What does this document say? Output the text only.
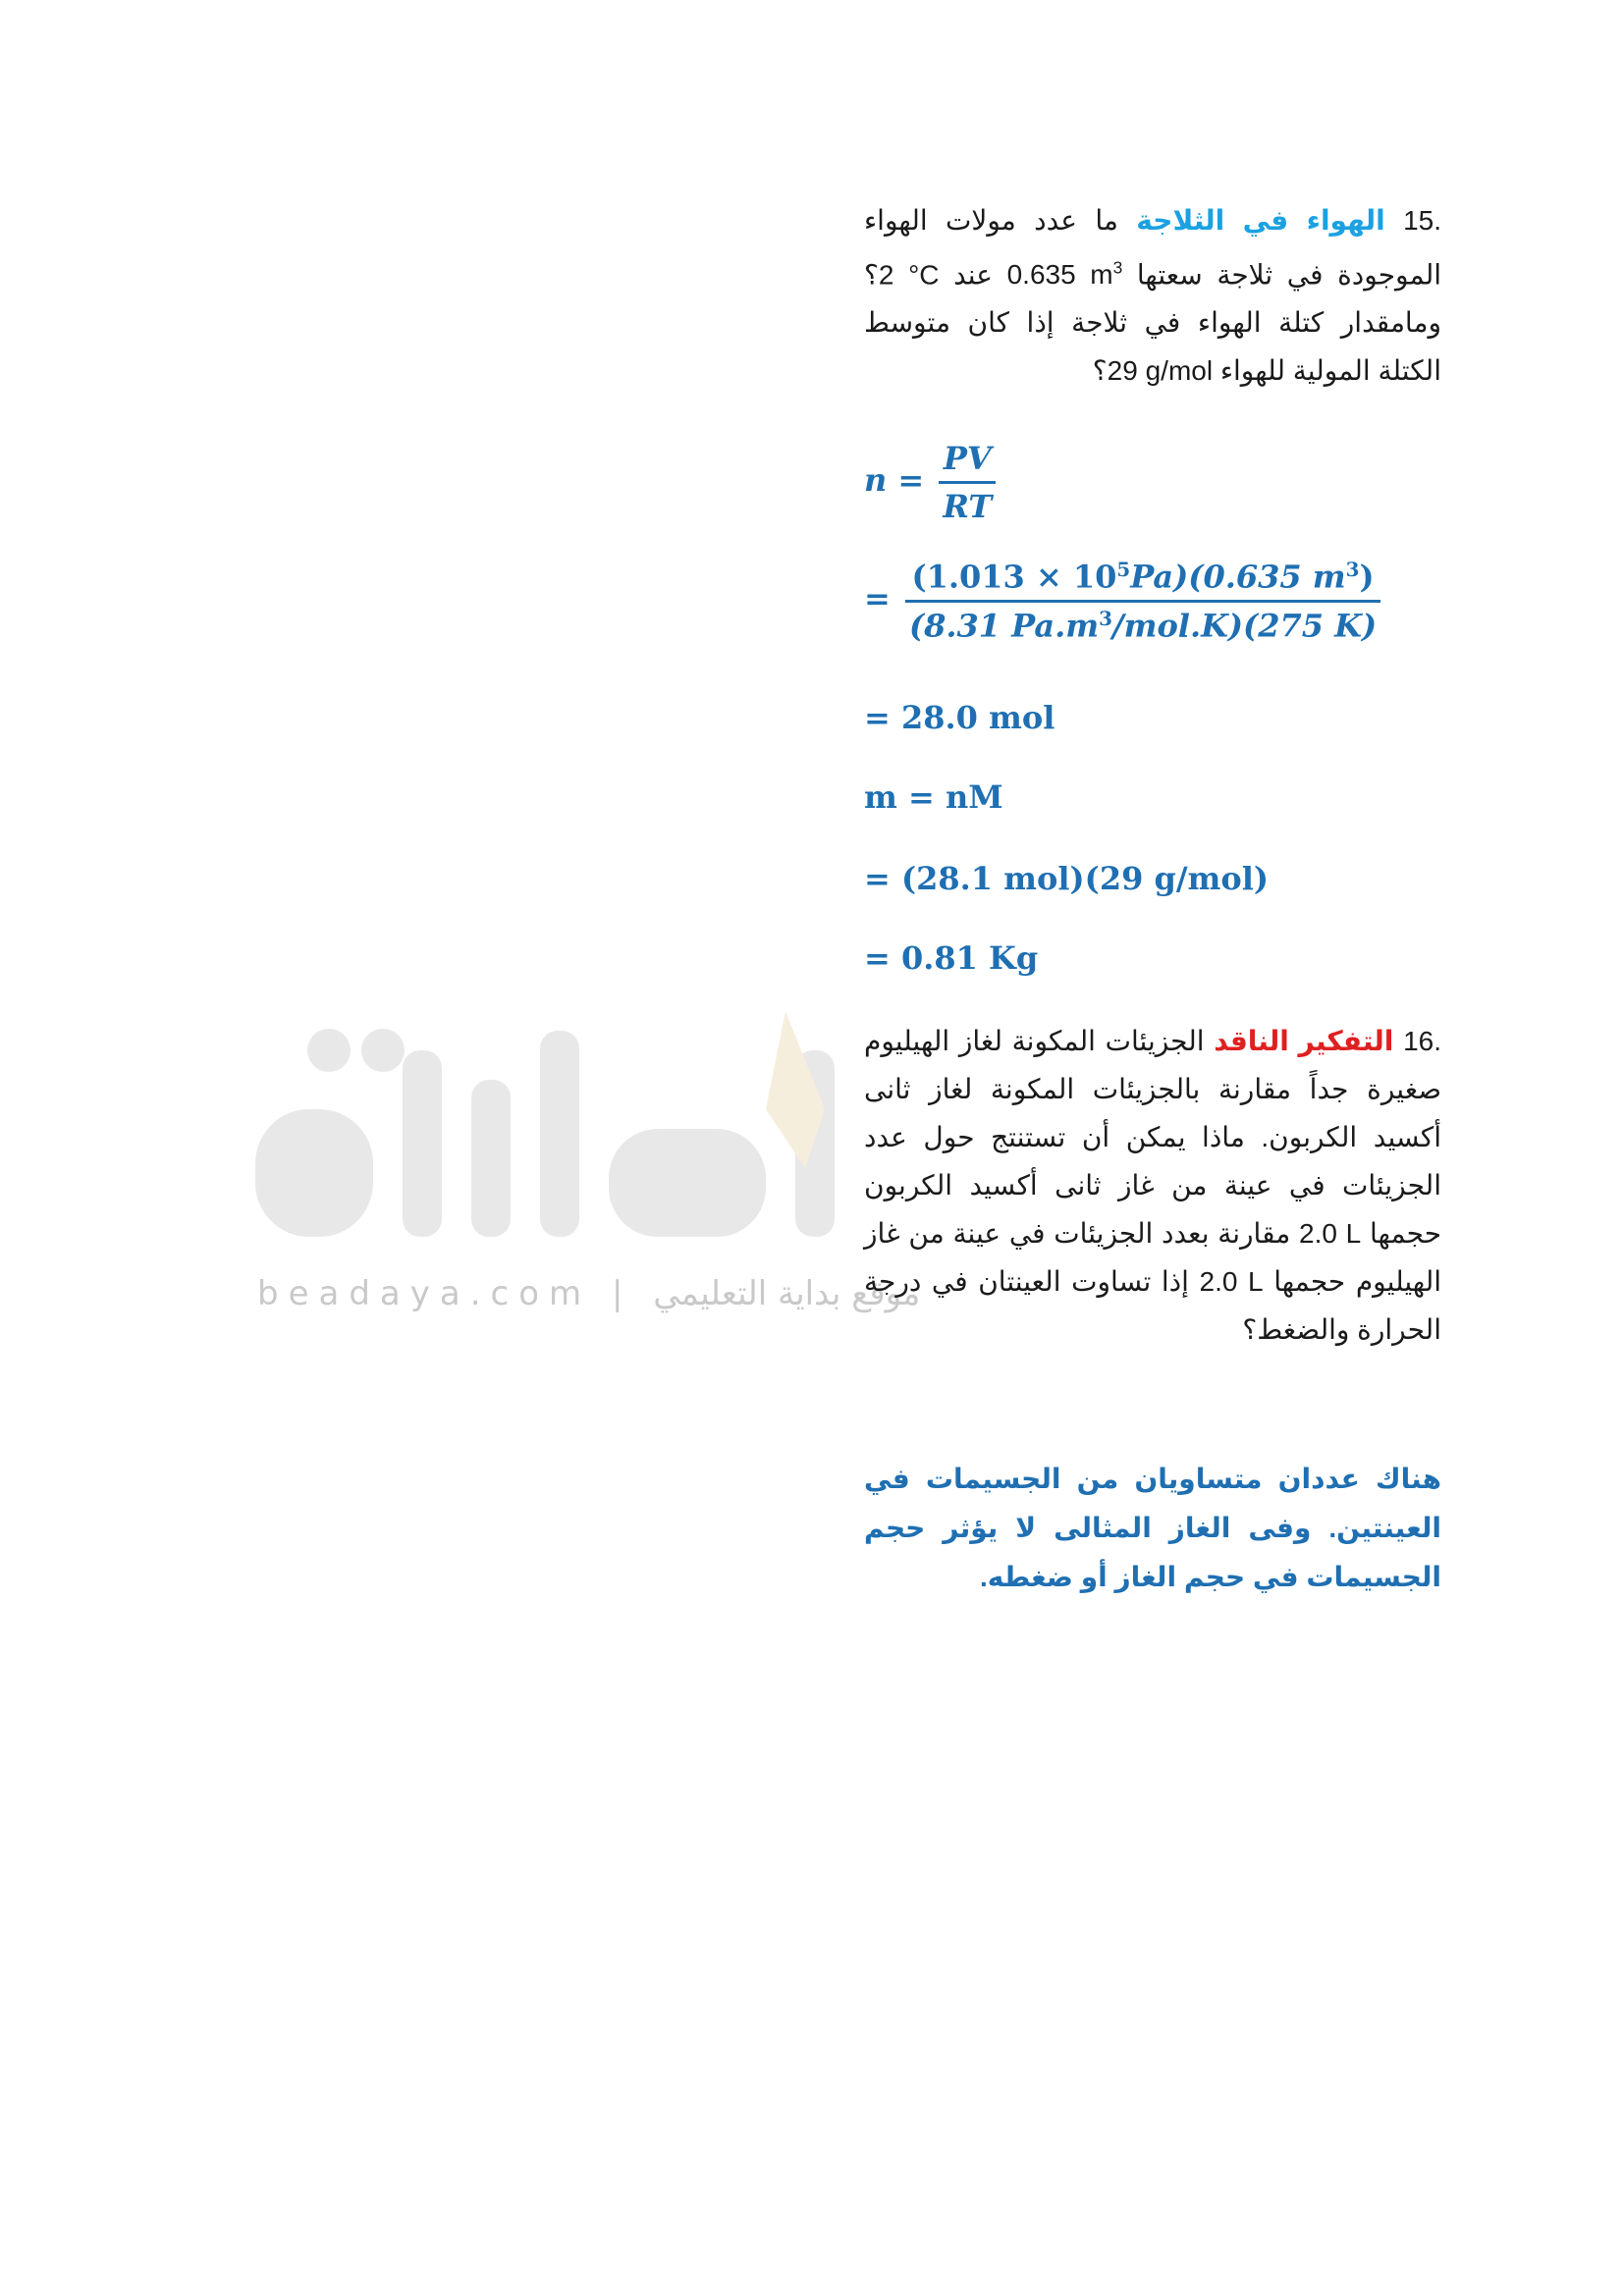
beadaya.com | موقع بداية التعليمي
15. الهواء في الثلاجة ما عدد مولات الهواء الموجودة في ثلاجة سعتها 0.635 $m^3$ عند 2 °C؟ ومامقدار كتلة الهواء في ثلاجة إذا كان متوسط الكتلة المولية للهواء 29 g/mol؟
$n = \frac{PV}{RT}$
= $\frac{(1.013 \times 10^5Pa)(0.635 m^3)}{(8.31 Pa.m^3/mol.K)(275 K)}$
= 28.0 mol
m = nM
= (28.1 mol)(29 g/mol)
= 0.81 Kg
16. التفكير الناقد الجزيئات المكونة لغاز الهيليوم صغيرة جداً مقارنة بالجزيئات المكونة لغاز ثانى أكسيد الكربون. ماذا يمكن أن تستنتج حول عدد الجزيئات في عينة من غاز ثانى أكسيد الكربون حجمها 2.0 L مقارنة بعدد الجزيئات في عينة من غاز الهيليوم حجمها 2.0 L إذا تساوت العينتان في درجة الحرارة والضغط؟
هناك عددان متساويان من الجسيمات في العينتين. وفى الغاز المثالى لا يؤثر حجم الجسيمات في حجم الغاز أو ضغطه.
